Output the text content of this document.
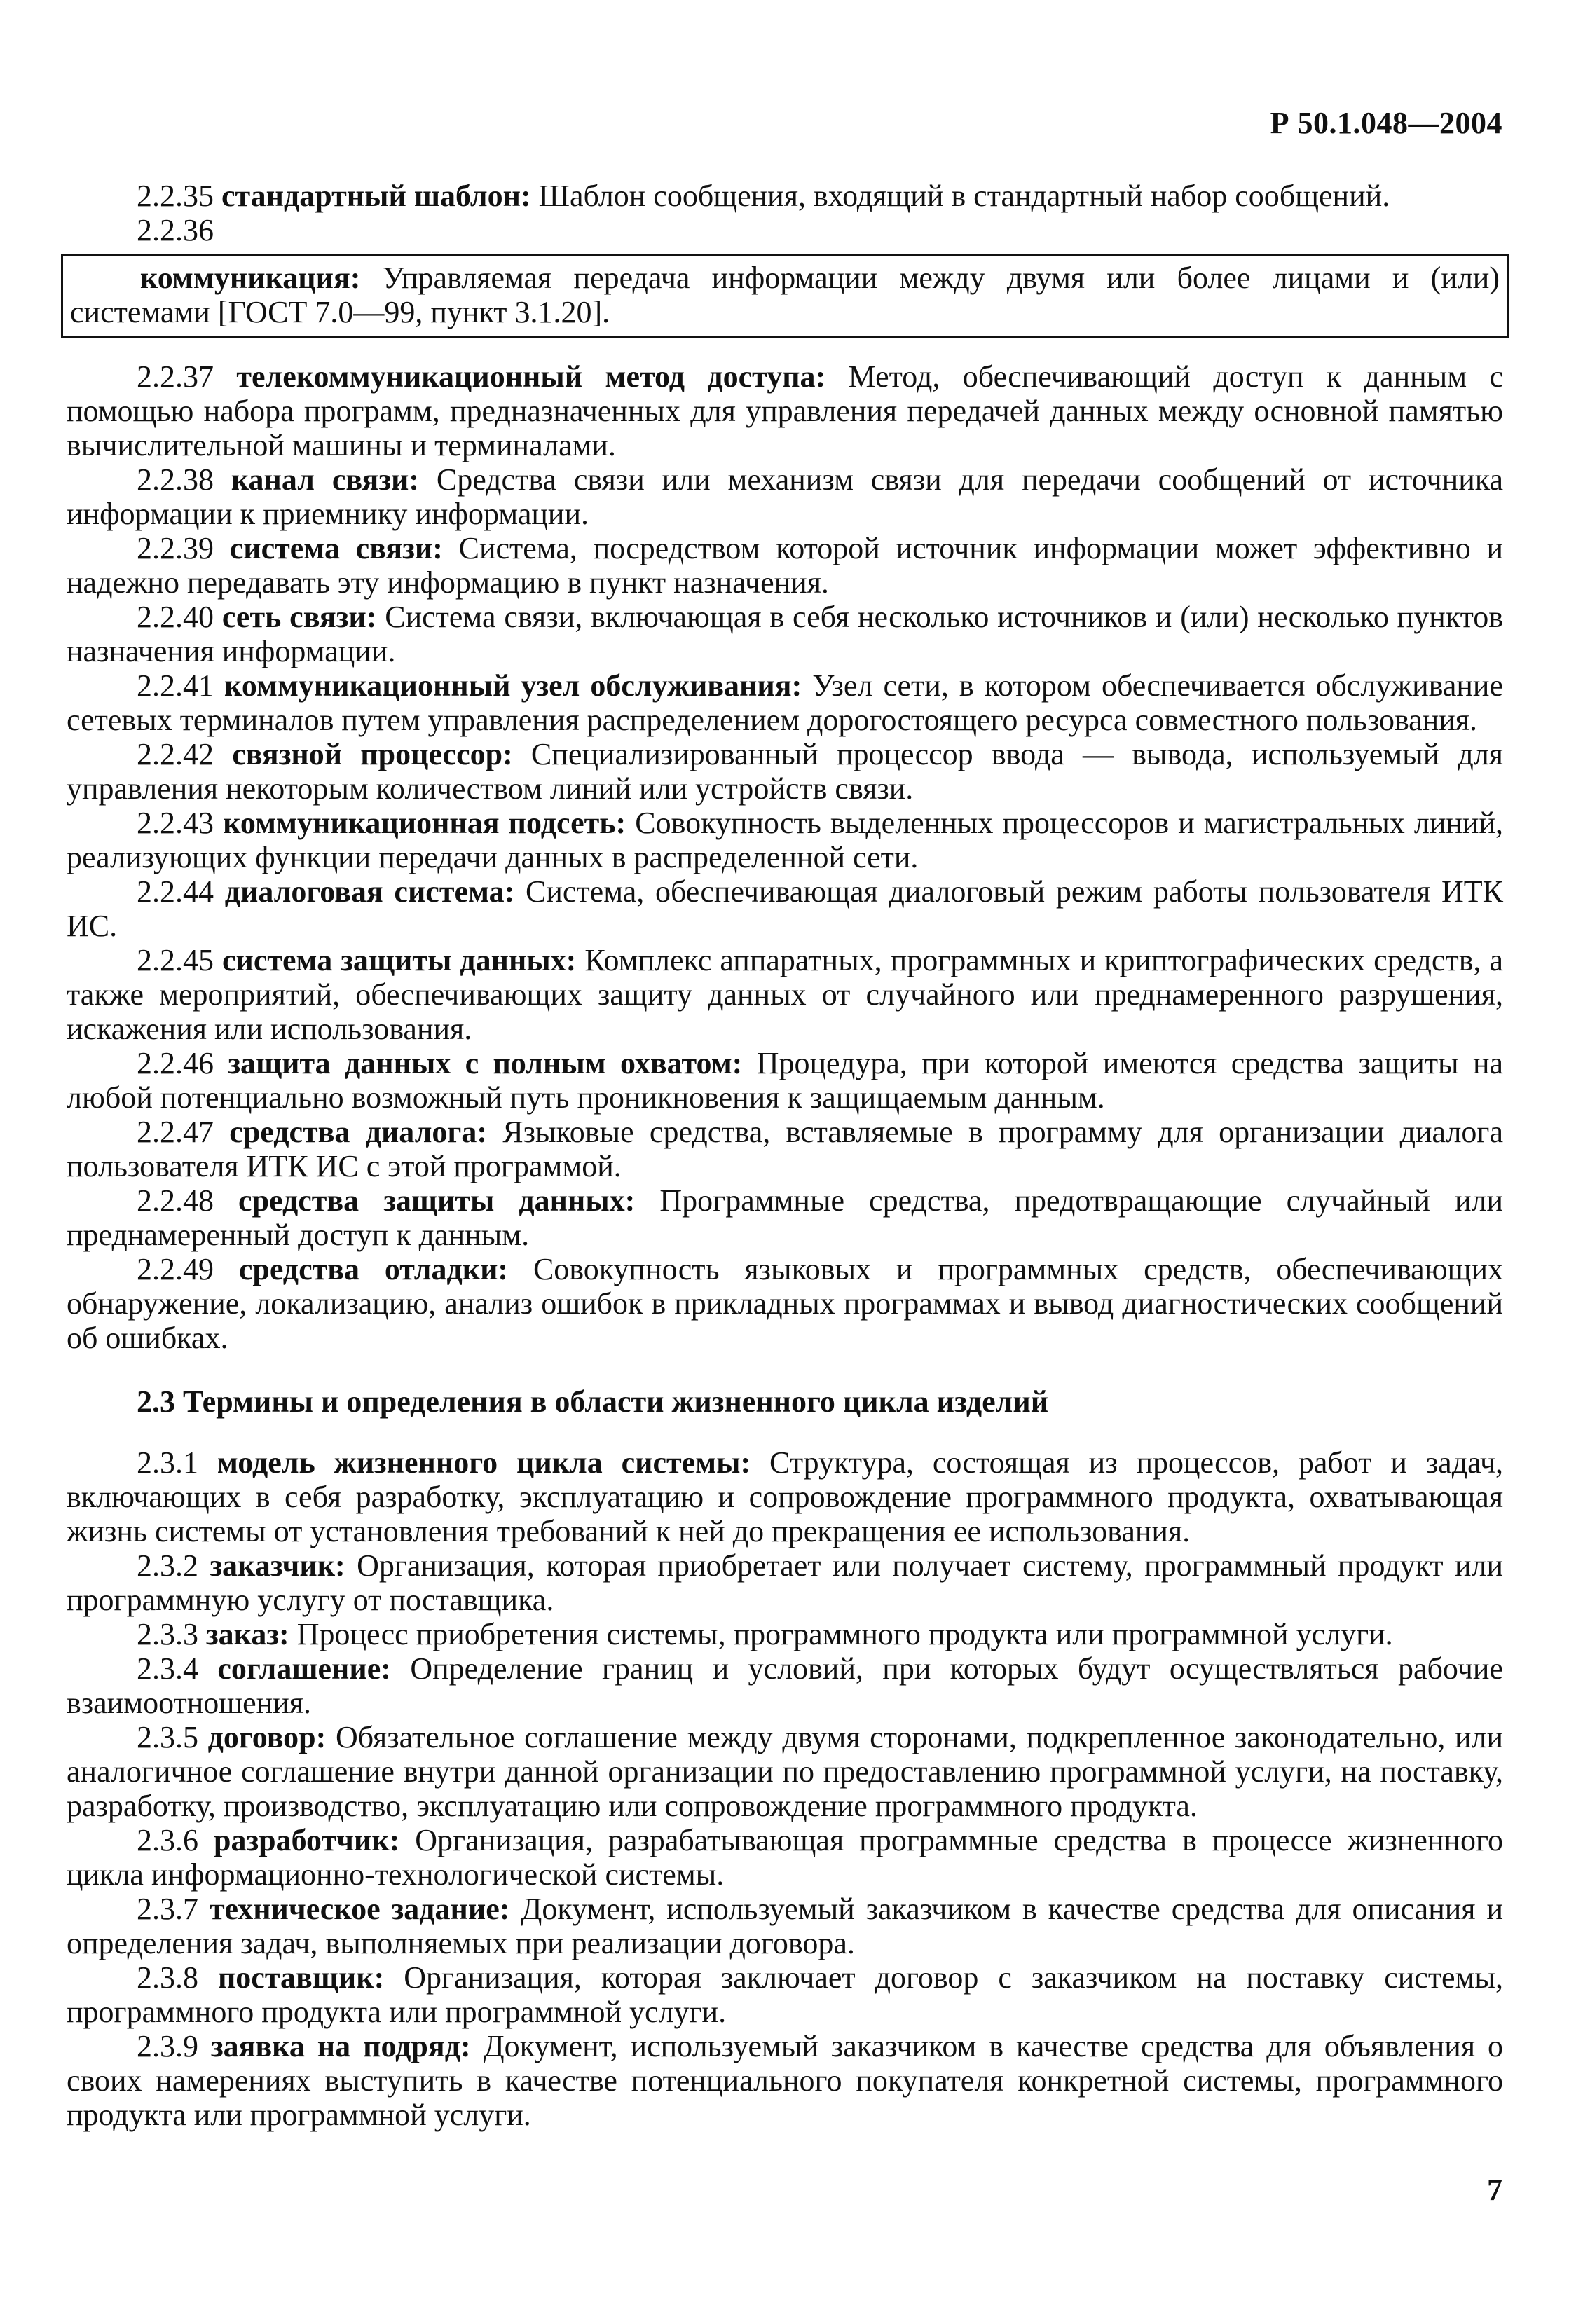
Р 50.1.048—2004

2.2.35 стандартный шаблон: Шаблон сообщения, входящий в стандартный набор сообщений.

2.2.36

коммуникация: Управляемая передача информации между двумя или более лицами и (или) системами [ГОСТ 7.0—99, пункт 3.1.20].

2.2.37 телекоммуникационный метод доступа: Метод, обеспечивающий доступ к данным с помощью набора программ, предназначенных для управления передачей данных между основной памятью вычислительной машины и терминалами.

2.2.38 канал связи: Средства связи или механизм связи для передачи сообщений от источника информации к приемнику информации.

2.2.39 система связи: Система, посредством которой источник информации может эффективно и надежно передавать эту информацию в пункт назначения.

2.2.40 сеть связи: Система связи, включающая в себя несколько источников и (или) несколько пунктов назначения информации.

2.2.41 коммуникационный узел обслуживания: Узел сети, в котором обеспечивается обслуживание сетевых терминалов путем управления распределением дорогостоящего ресурса совместного пользования.

2.2.42 связной процессор: Специализированный процессор ввода — вывода, используемый для управления некоторым количеством линий или устройств связи.

2.2.43 коммуникационная подсеть: Совокупность выделенных процессоров и магистральных линий, реализующих функции передачи данных в распределенной сети.

2.2.44 диалоговая система: Система, обеспечивающая диалоговый режим работы пользователя ИТК ИС.

2.2.45 система защиты данных: Комплекс аппаратных, программных и криптографических средств, а также мероприятий, обеспечивающих защиту данных от случайного или преднамеренного разрушения, искажения или использования.

2.2.46 защита данных с полным охватом: Процедура, при которой имеются средства защиты на любой потенциально возможный путь проникновения к защищаемым данным.

2.2.47 средства диалога: Языковые средства, вставляемые в программу для организации диалога пользователя ИТК ИС с этой программой.

2.2.48 средства защиты данных: Программные средства, предотвращающие случайный или преднамеренный доступ к данным.

2.2.49 средства отладки: Совокупность языковых и программных средств, обеспечивающих обнаружение, локализацию, анализ ошибок в прикладных программах и вывод диагностических сообщений об ошибках.

2.3 Термины и определения в области жизненного цикла изделий

2.3.1 модель жизненного цикла системы: Структура, состоящая из процессов, работ и задач, включающих в себя разработку, эксплуатацию и сопровождение программного продукта, охватывающая жизнь системы от установления требований к ней до прекращения ее использования.

2.3.2 заказчик: Организация, которая приобретает или получает систему, программный продукт или программную услугу от поставщика.

2.3.3 заказ: Процесс приобретения системы, программного продукта или программной услуги.

2.3.4 соглашение: Определение границ и условий, при которых будут осуществляться рабочие взаимоотношения.

2.3.5 договор: Обязательное соглашение между двумя сторонами, подкрепленное законодательно, или аналогичное соглашение внутри данной организации по предоставлению программной услуги, на поставку, разработку, производство, эксплуатацию или сопровождение программного продукта.

2.3.6 разработчик: Организация, разрабатывающая программные средства в процессе жизненного цикла информационно-технологической системы.

2.3.7 техническое задание: Документ, используемый заказчиком в качестве средства для описания и определения задач, выполняемых при реализации договора.

2.3.8 поставщик: Организация, которая заключает договор с заказчиком на поставку системы, программного продукта или программной услуги.

2.3.9 заявка на подряд: Документ, используемый заказчиком в качестве средства для объявления о своих намерениях выступить в качестве потенциального покупателя конкретной системы, программного продукта или программной услуги.

7
